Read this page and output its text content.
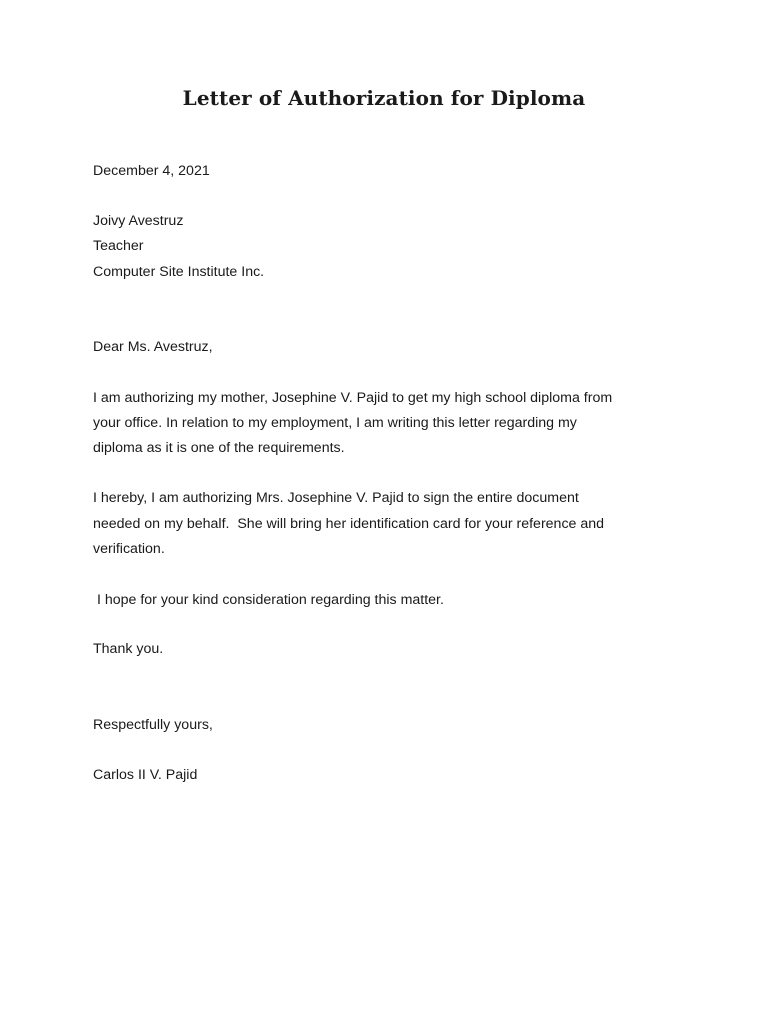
Letter of Authorization for Diploma
December 4, 2021
Joivy Avestruz
Teacher
Computer Site Institute Inc.
Dear Ms. Avestruz,
I am authorizing my mother, Josephine V. Pajid to get my high school diploma from
your office. In relation to my employment, I am writing this letter regarding my
diploma as it is one of the requirements.
I hereby, I am authorizing Mrs. Josephine V. Pajid to sign the entire document
needed on my behalf.  She will bring her identification card for your reference and
verification.
I hope for your kind consideration regarding this matter.
Thank you.
Respectfully yours,
Carlos II V. Pajid
